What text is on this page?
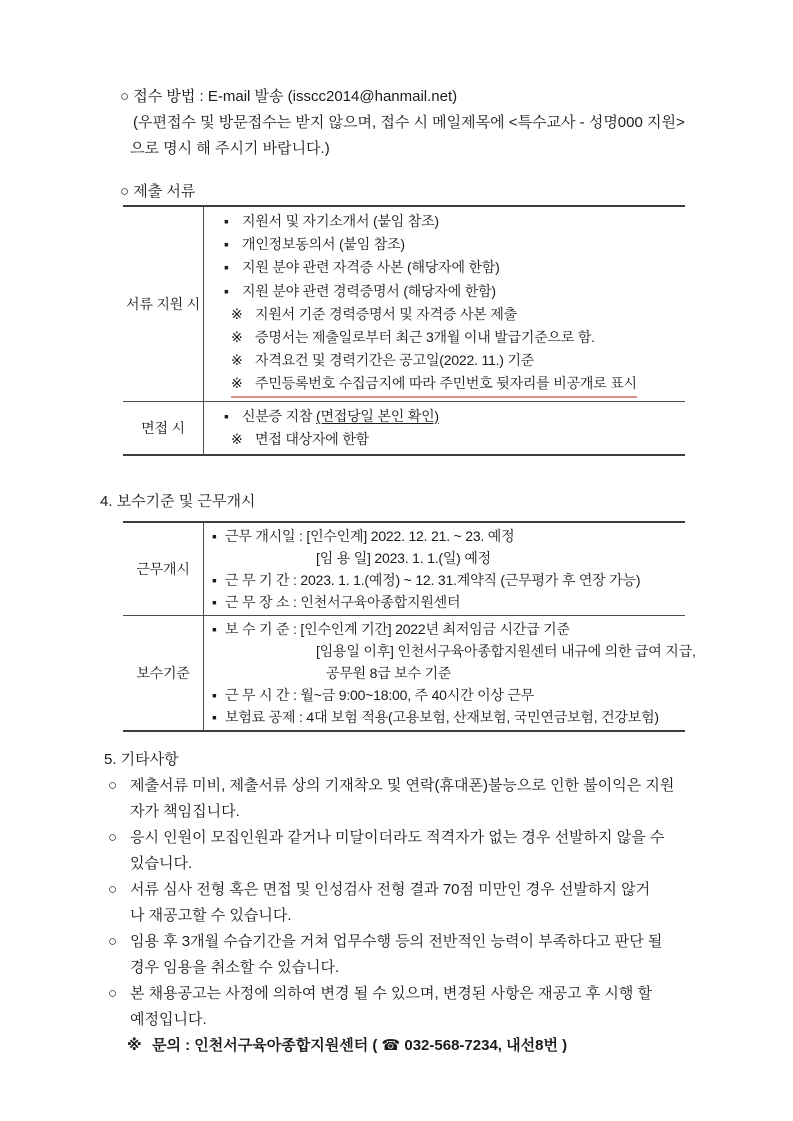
○ 접수 방법 : E-mail 발송 (isscc2014@hanmail.net)
(우편접수 및 방문접수는 받지 않으며, 접수 시 메일제목에 <특수교사 - 성명000 지원>
으로 명시 해 주시기 바랍니다.)
○ 제출 서류
서류 지원 시
▪ 지원서 및 자기소개서 (붙임 참조)
▪ 개인정보동의서 (붙임 참조)
▪ 지원 분야 관련 자격증 사본 (해당자에 한함)
▪ 지원 분야 관련 경력증명서 (해당자에 한함)
※ 지원서 기준 경력증명서 및 자격증 사본 제출
※ 증명서는 제출일로부터 최근 3개월 이내 발급기준으로 함.
※ 자격요건 및 경력기간은 공고일(2022. 11.) 기준
※ 주민등록번호 수집금지에 따라 주민번호 뒷자리를 비공개로 표시
면접 시
▪ 신분증 지참 (면접당일 본인 확인)
※ 면접 대상자에 한함
4. 보수기준 및 근무개시
근무개시
▪ 근무 개시일 : [인수인계] 2022. 12. 21. ~ 23. 예정
[임 용 일] 2023. 1. 1.(일) 예정
▪ 근 무 기 간 : 2023. 1. 1.(예정) ~ 12. 31.계약직 (근무평가 후 연장 가능)
▪ 근 무 장 소 : 인천서구육아종합지원센터
보수기준
▪ 보 수 기 준 : [인수인계 기간] 2022년 최저임금 시간급 기준
[임용일 이후] 인천서구육아종합지원센터 내규에 의한 급여 지급,
공무원 8급 보수 기준
▪ 근 무 시 간 : 월~금 9:00~18:00, 주 40시간 이상 근무
▪ 보험료 공제 : 4대 보험 적용(고용보험, 산재보험, 국민연금보험, 건강보험)
5. 기타사항
○ 제출서류 미비, 제출서류 상의 기재착오 및 연락(휴대폰)불능으로 인한 불이익은 지원
자가 책임집니다.
○ 응시 인원이 모집인원과 같거나 미달이더라도 적격자가 없는 경우 선발하지 않을 수
있습니다.
○ 서류 심사 전형 혹은 면접 및 인성검사 전형 결과 70점 미만인 경우 선발하지 않거
나 재공고할 수 있습니다.
○ 임용 후 3개월 수습기간을 거쳐 업무수행 등의 전반적인 능력이 부족하다고 판단 될
경우 임용을 취소할 수 있습니다.
○ 본 채용공고는 사정에 의하여 변경 될 수 있으며, 변경된 사항은 재공고 후 시행 할
예정입니다.
※ 문의 : 인천서구육아종합지원센터 ( ☎ 032-568-7234, 내선8번 )
